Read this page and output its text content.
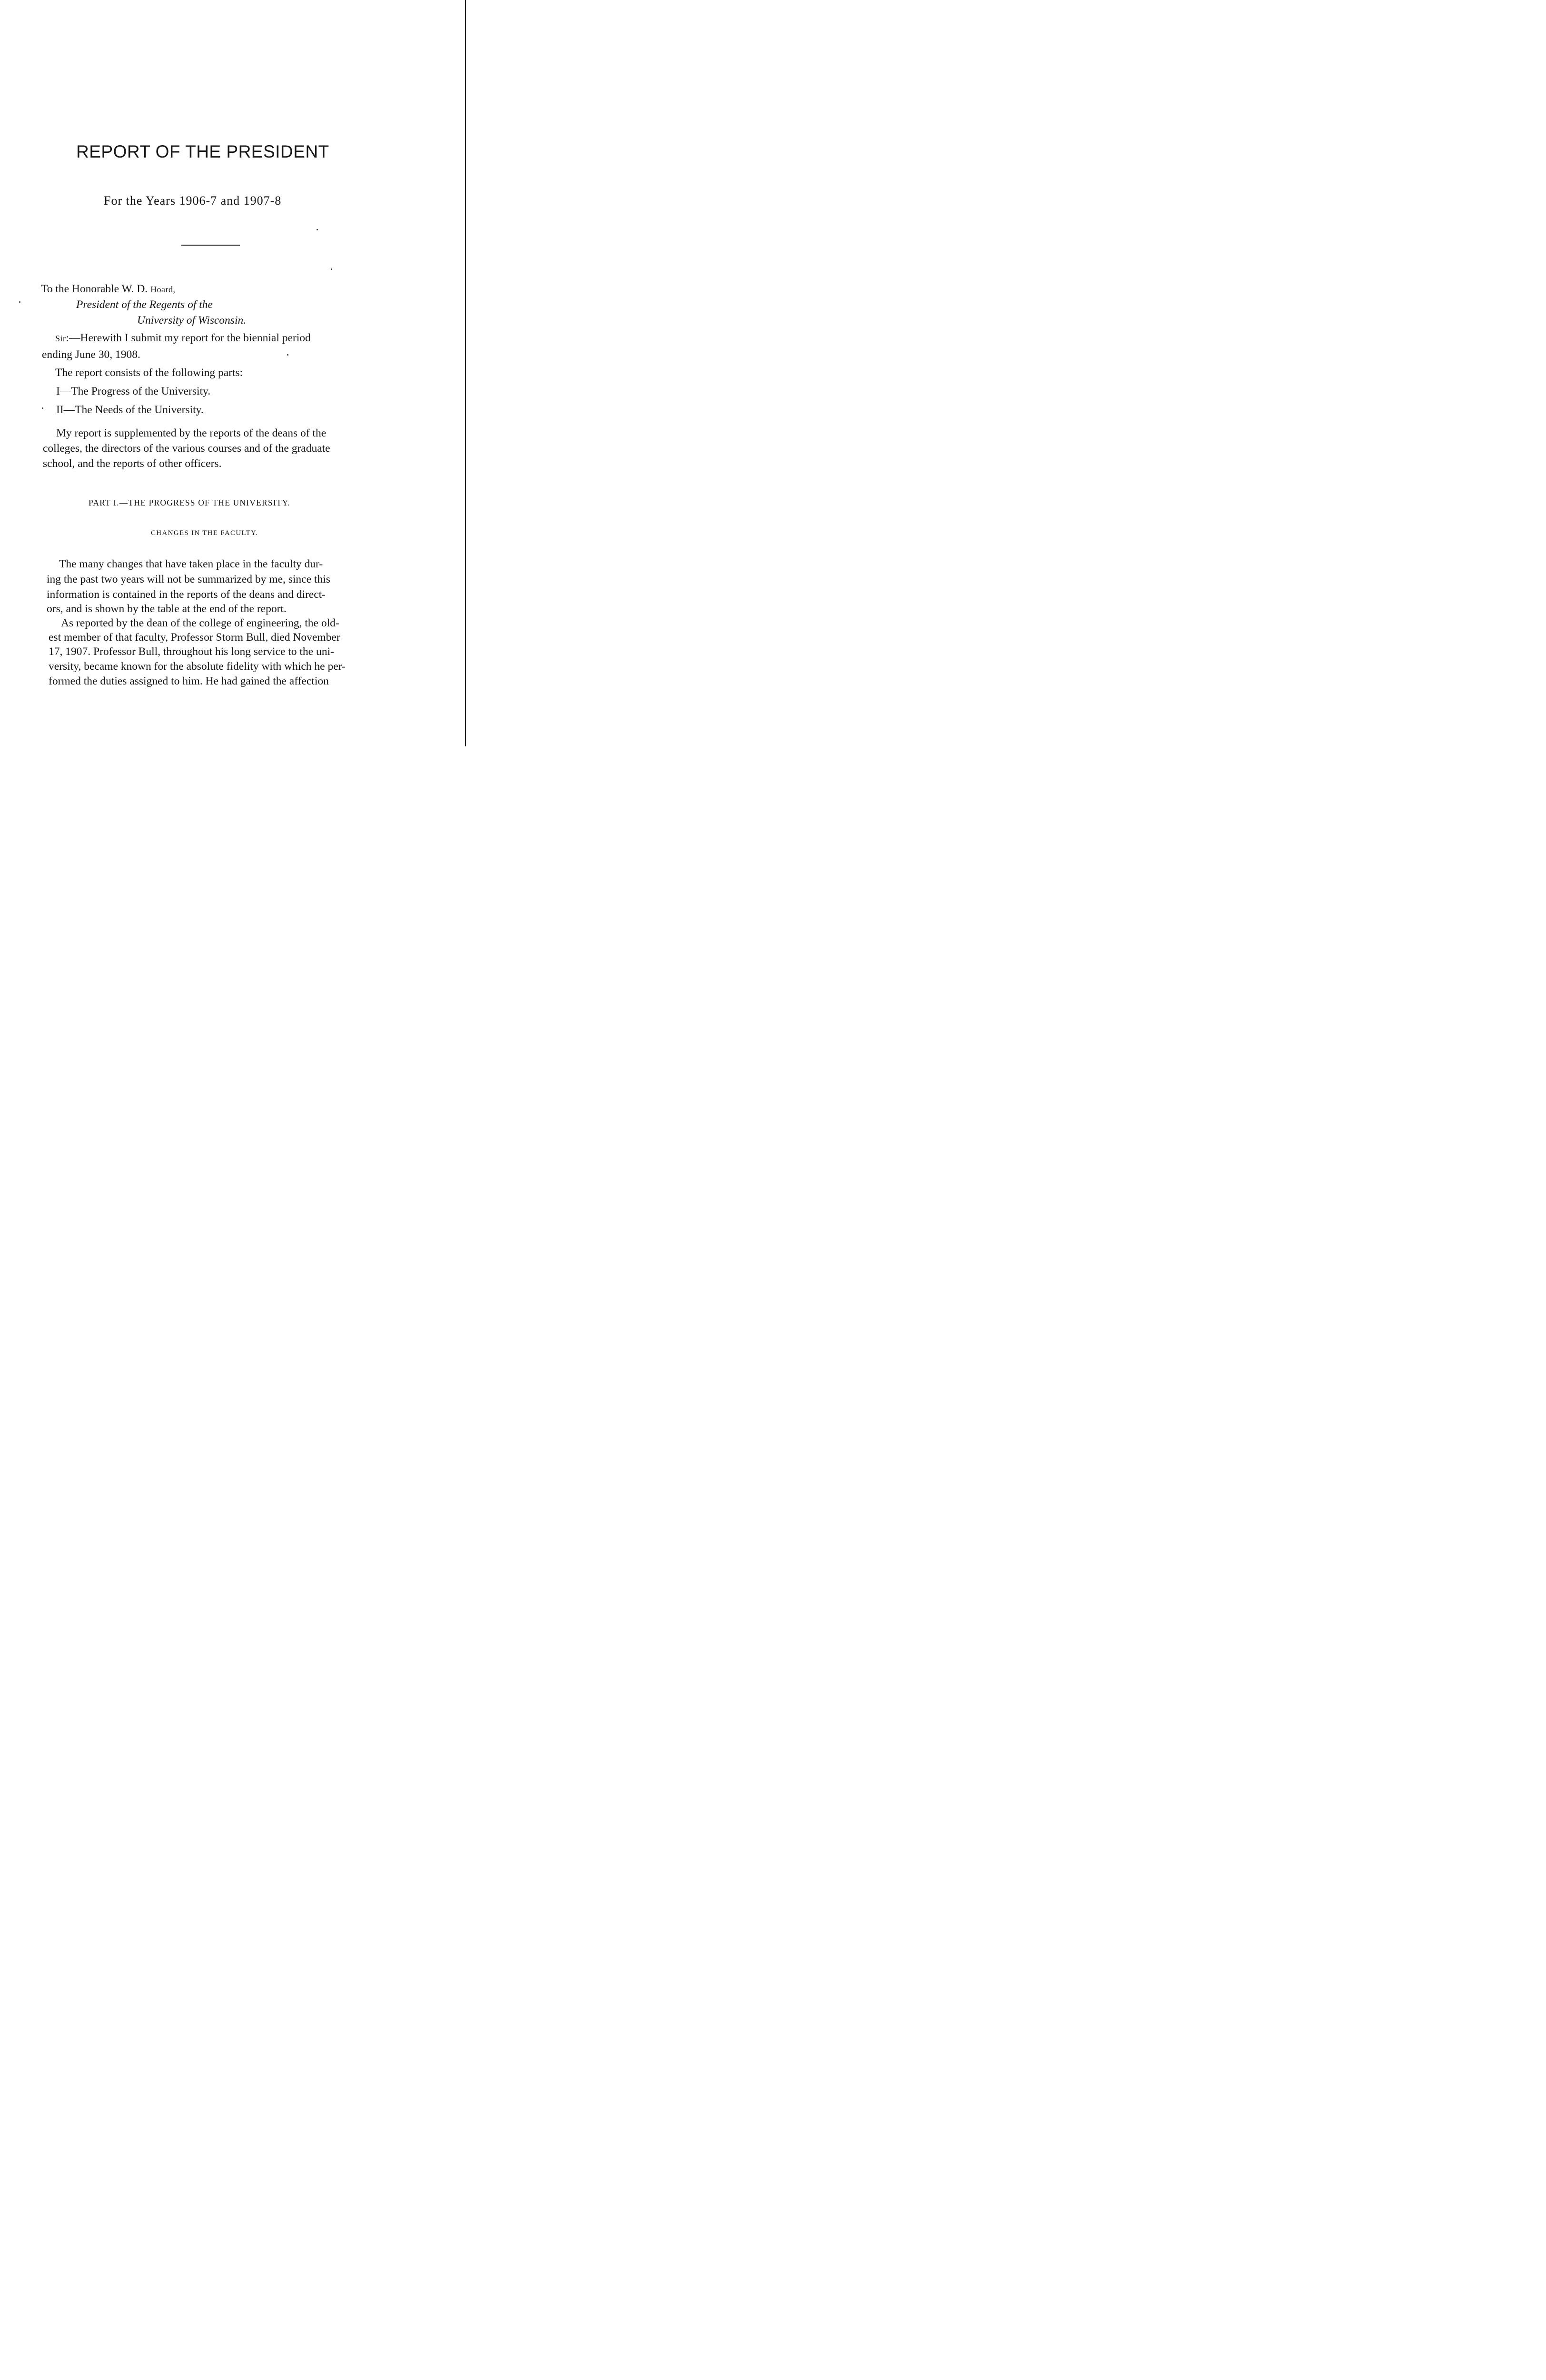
REPORT OF THE PRESIDENT
For the Years 1906-7 and 1907-8
To the Honorable W. D. Hoard,
President of the Regents of the
University of Wisconsin.
Sir:—Herewith I submit my report for the biennial period
ending June 30, 1908.
The report consists of the following parts:
I—The Progress of the University.
II—The Needs of the University.
My report is supplemented by the reports of the deans of the
colleges, the directors of the various courses and of the graduate
school, and the reports of other officers.
PART I.—THE PROGRESS OF THE UNIVERSITY.
CHANGES IN THE FACULTY.
The many changes that have taken place in the faculty dur-
ing the past two years will not be summarized by me, since this
information is contained in the reports of the deans and direct-
ors, and is shown by the table at the end of the report.
As reported by the dean of the college of engineering, the old-
est member of that faculty, Professor Storm Bull, died November
17, 1907. Professor Bull, throughout his long service to the uni-
versity, became known for the absolute fidelity with which he per-
formed the duties assigned to him. He had gained the affection
